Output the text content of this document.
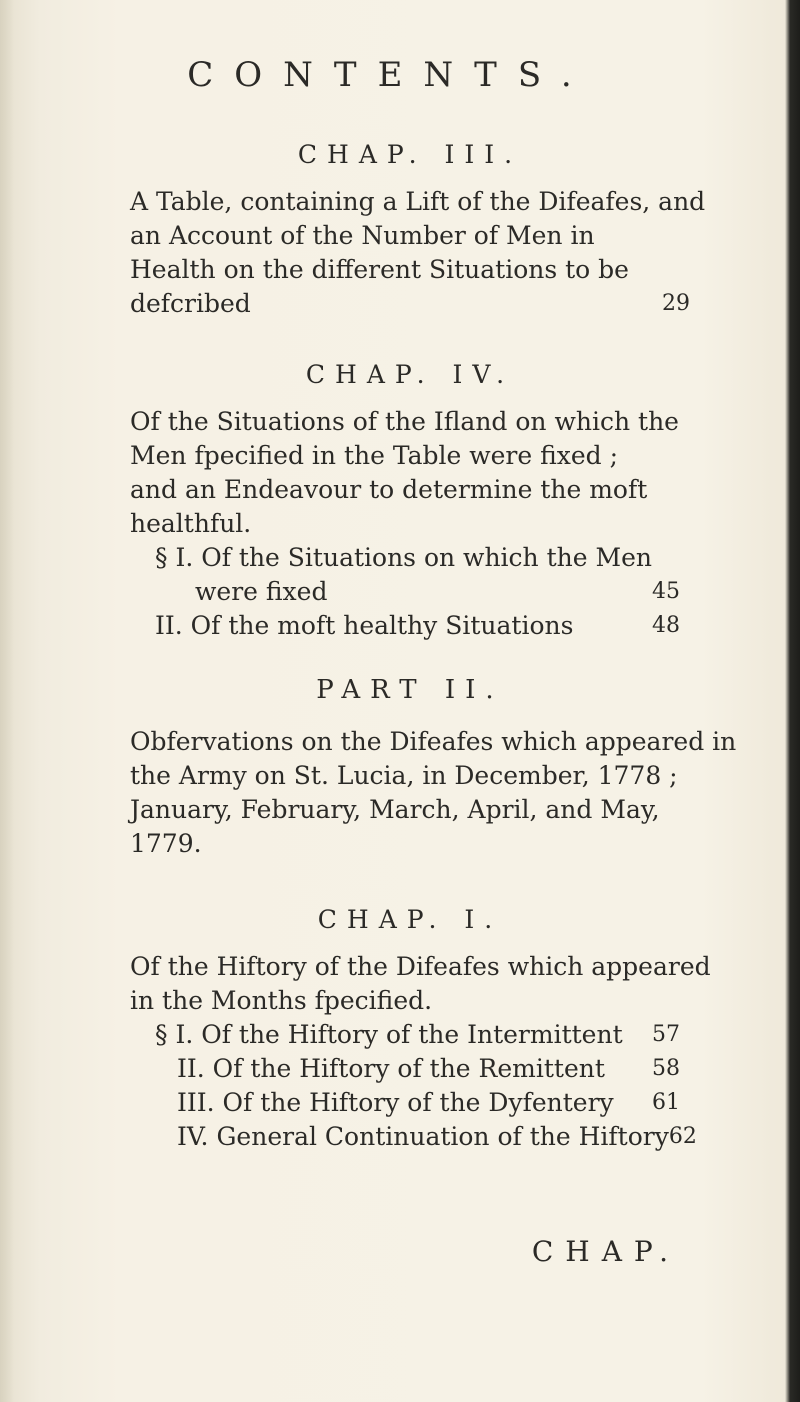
CONTENTS.
CHAP. III.
A Table, containing a Lift of the Difeafes, and
an Account of the Number of Men in
Health on the different Situations to be
defcribed	29
CHAP. IV.
Of the Situations of the Ifland on which the
Men fpecified in the Table were fixed ;
and an Endeavour to determine the moft
healthful.
§ I. Of the Situations on which the Men
were fixed	45
II. Of the moft healthy Situations	48
PART II.
Obfervations on the Difeafes which appeared in
the Army on St. Lucia, in December, 1778 ;
January, February, March, April, and May,
1779.
CHAP. I.
Of the Hiftory of the Difeafes which appeared
in the Months fpecified.
§ I. Of the Hiftory of the Intermittent 57
II. Of the Hiftory of the Remittent 58
III. Of the Hiftory of the Dyfentery 61
IV. General Continuation of the Hiftory 62
CHAP.
